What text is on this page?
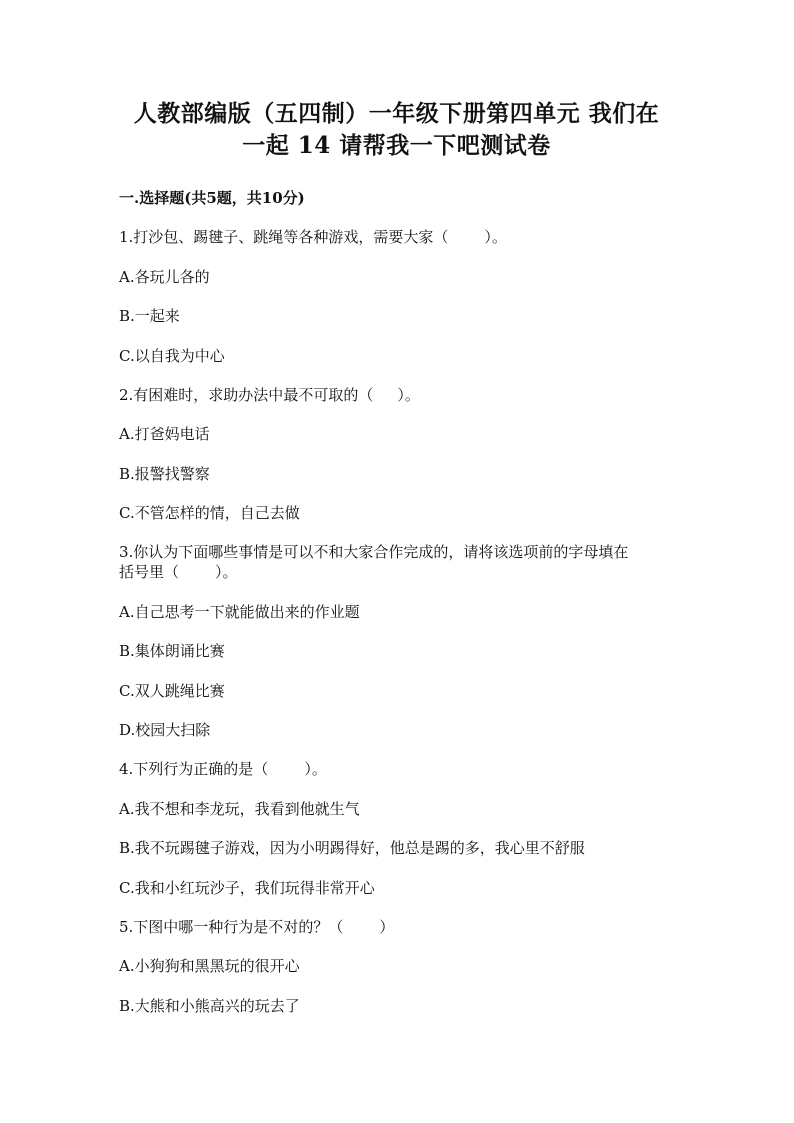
人教部编版（五四制）一年级下册第四单元 我们在
一起 14 请帮我一下吧测试卷
一.选择题(共5题，共10分)
1.打沙包、踢毽子、跳绳等各种游戏，需要大家（ ）。
A.各玩儿各的
B.一起来
C.以自我为中心
2.有困难时，求助办法中最不可取的（ ）。
A.打爸妈电话
B.报警找警察
C.不管怎样的情，自己去做
3.你认为下面哪些事情是可以不和大家合作完成的，请将该选项前的字母填在
括号里（ ）。
A.自己思考一下就能做出来的作业题
B.集体朗诵比赛
C.双人跳绳比赛
D.校园大扫除
4.下列行为正确的是（ ）。
A.我不想和李龙玩，我看到他就生气
B.我不玩踢毽子游戏，因为小明踢得好，他总是踢的多，我心里不舒服
C.我和小红玩沙子，我们玩得非常开心
5.下图中哪一种行为是不对的？（ ）
A.小狗狗和黑黑玩的很开心
B.大熊和小熊高兴的玩去了
